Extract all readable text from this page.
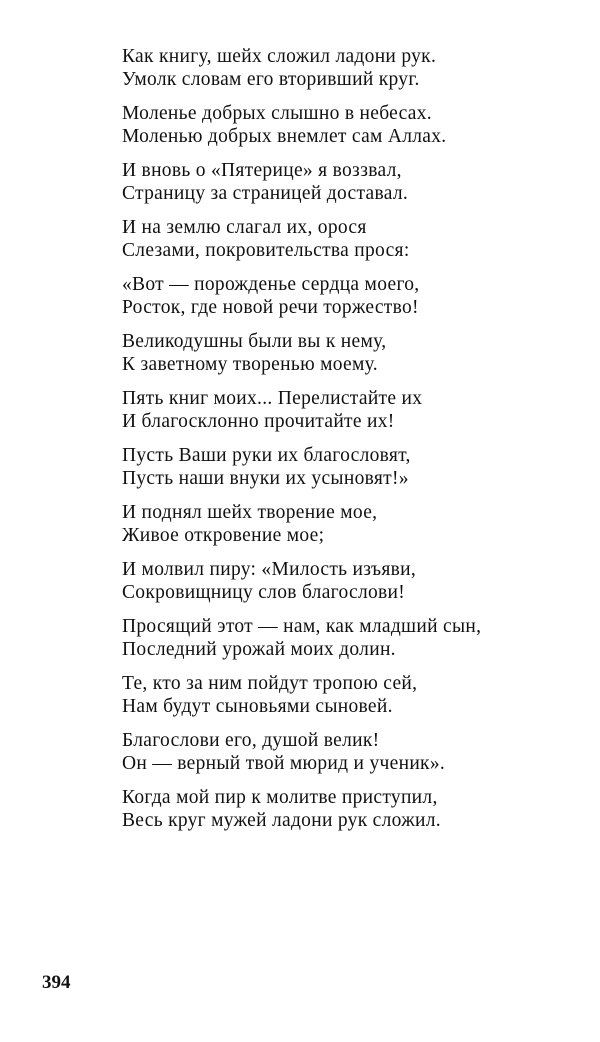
Как книгу, шейх сложил ладони рук.
Умолк словам его вторивший круг.
Моленье добрых слышно в небесах.
Моленью добрых внемлет сам Аллах.
И вновь о «Пятерице» я воззвал,
Страницу за страницей доставал.
И на землю слагал их, орося
Слезами, покровительства прося:
«Вот — порожденье сердца моего,
Росток, где новой речи торжество!
Великодушны были вы к нему,
К заветному творенью моему.
Пять книг моих... Перелистайте их
И благосклонно прочитайте их!
Пусть Ваши руки их благословят,
Пусть наши внуки их усыновят!»
И поднял шейх творение мое,
Живое откровение мое;
И молвил пиру: «Милость изъяви,
Сокровищницу слов благослови!
Просящий этот — нам, как младший сын,
Последний урожай моих долин.
Те, кто за ним пойдут тропою сей,
Нам будут сыновьями сыновей.
Благослови его, душой велик!
Он — верный твой мюрид и ученик».
Когда мой пир к молитве приступил,
Весь круг мужей ладони рук сложил.
394
